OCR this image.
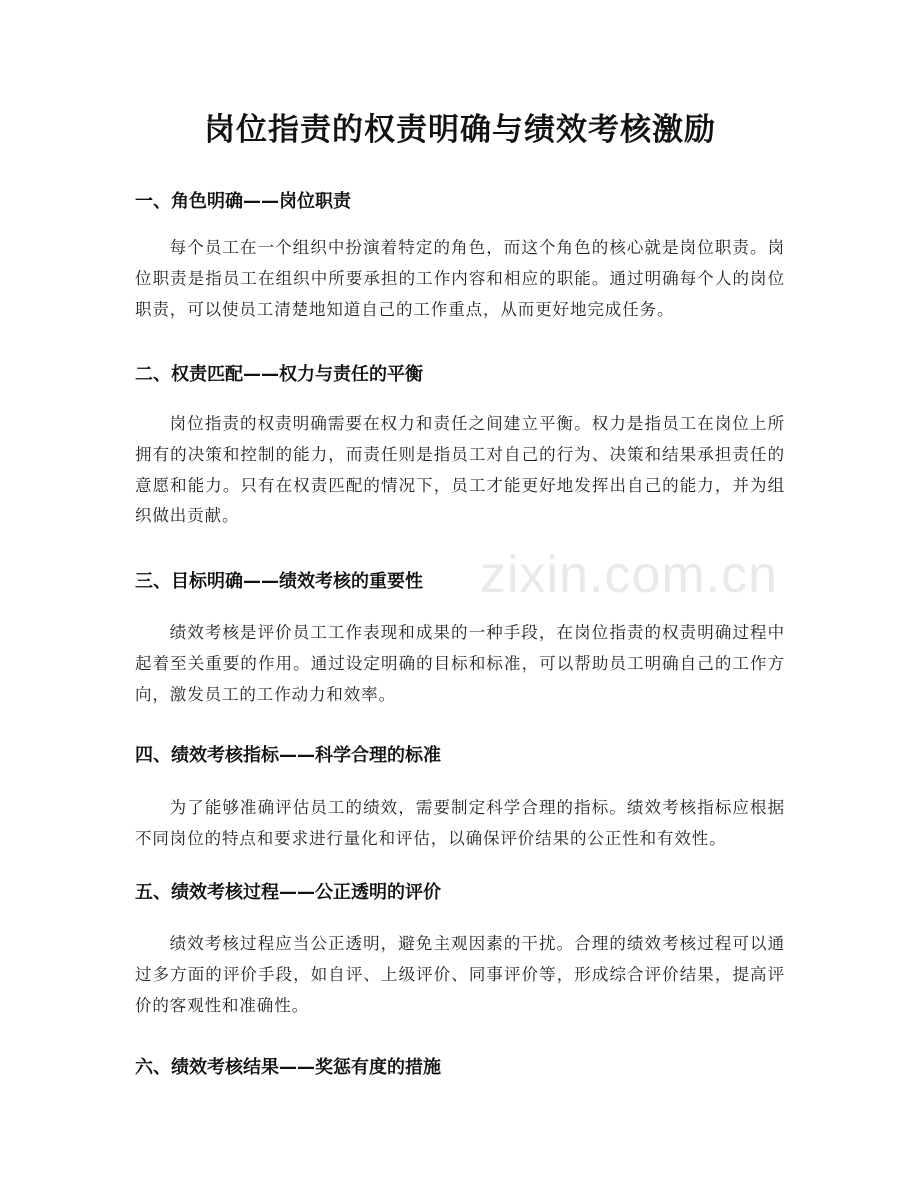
zixin.com.cn
岗位指责的权责明确与绩效考核激励
一、角色明确——岗位职责

每个员工在一个组织中扮演着特定的角色，而这个角色的核心就是岗位职责。岗位职责是指员工在组织中所要承担的工作内容和相应的职能。通过明确每个人的岗位职责，可以使员工清楚地知道自己的工作重点，从而更好地完成任务。

二、权责匹配——权力与责任的平衡

岗位指责的权责明确需要在权力和责任之间建立平衡。权力是指员工在岗位上所拥有的决策和控制的能力，而责任则是指员工对自己的行为、决策和结果承担责任的意愿和能力。只有在权责匹配的情况下，员工才能更好地发挥出自己的能力，并为组织做出贡献。

三、目标明确——绩效考核的重要性

绩效考核是评价员工工作表现和成果的一种手段，在岗位指责的权责明确过程中起着至关重要的作用。通过设定明确的目标和标准，可以帮助员工明确自己的工作方向，激发员工的工作动力和效率。

四、绩效考核指标——科学合理的标准

为了能够准确评估员工的绩效，需要制定科学合理的指标。绩效考核指标应根据不同岗位的特点和要求进行量化和评估，以确保评价结果的公正性和有效性。

五、绩效考核过程——公正透明的评价

绩效考核过程应当公正透明，避免主观因素的干扰。合理的绩效考核过程可以通过多方面的评价手段，如自评、上级评价、同事评价等，形成综合评价结果，提高评价的客观性和准确性。

六、绩效考核结果——奖惩有度的措施
